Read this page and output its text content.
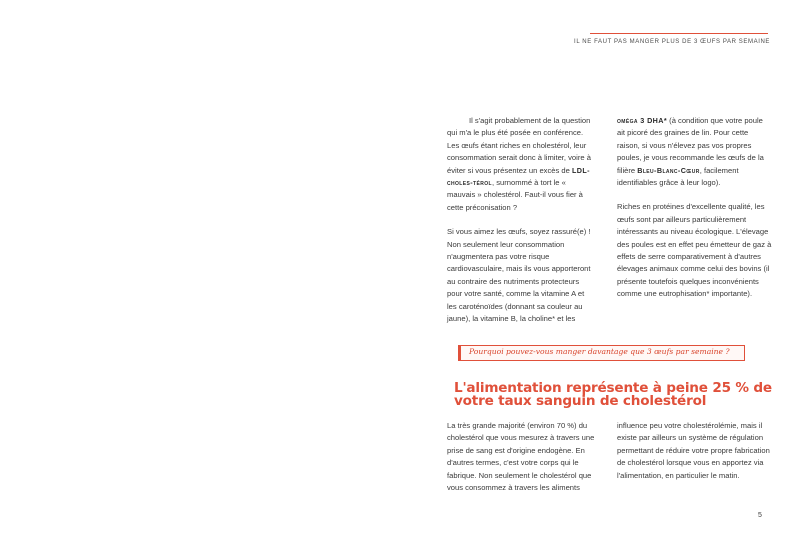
IL NE FAUT PAS MANGER PLUS DE 3 ŒUFS PAR SEMAINE

Il s'agit probablement de la question qui m'a le plus été posée en conférence. Les œufs étant riches en cholestérol, leur consommation serait donc à limiter, voire à éviter si vous présentez un excès de LDL-choles-térol, surnommé à tort le « mauvais » cholestérol. Faut-il vous fier à cette préconisation ?

Si vous aimez les œufs, soyez rassuré(e) ! Non seulement leur consommation n'augmentera pas votre risque cardiovasculaire, mais ils vous apporteront au contraire des nutriments protecteurs pour votre santé, comme la vitamine A et les caroténoïdes (donnant sa couleur au jaune), la vitamine B, la choline* et les

oméga 3 DHA* (à condition que votre poule ait picoré des graines de lin. Pour cette raison, si vous n'élevez pas vos propres poules, je vous recommande les œufs de la filière Bleu-Blanc-Cœur, facilement identifiables grâce à leur logo).

Riches en protéines d'excellente qualité, les œufs sont par ailleurs particulièrement intéressants au niveau écologique. L'élevage des poules est en effet peu émetteur de gaz à effets de serre comparativement à d'autres élevages animaux comme celui des bovins (il présente toutefois quelques inconvénients comme une eutrophisation* importante).

Pourquoi pouvez-vous manger davantage que 3 œufs par semaine ?
L'alimentation représente à peine 25 % de votre taux sanguin de cholestérol
La très grande majorité (environ 70 %) du cholestérol que vous mesurez à travers une prise de sang est d'origine endogène. En d'autres termes, c'est votre corps qui le fabrique. Non seulement le cholestérol que vous consommez à travers les aliments
influence peu votre cholestérolémie, mais il existe par ailleurs un système de régulation permettant de réduire votre propre fabrication de cholestérol lorsque vous en apportez via l'alimentation, en particulier le matin.
5
